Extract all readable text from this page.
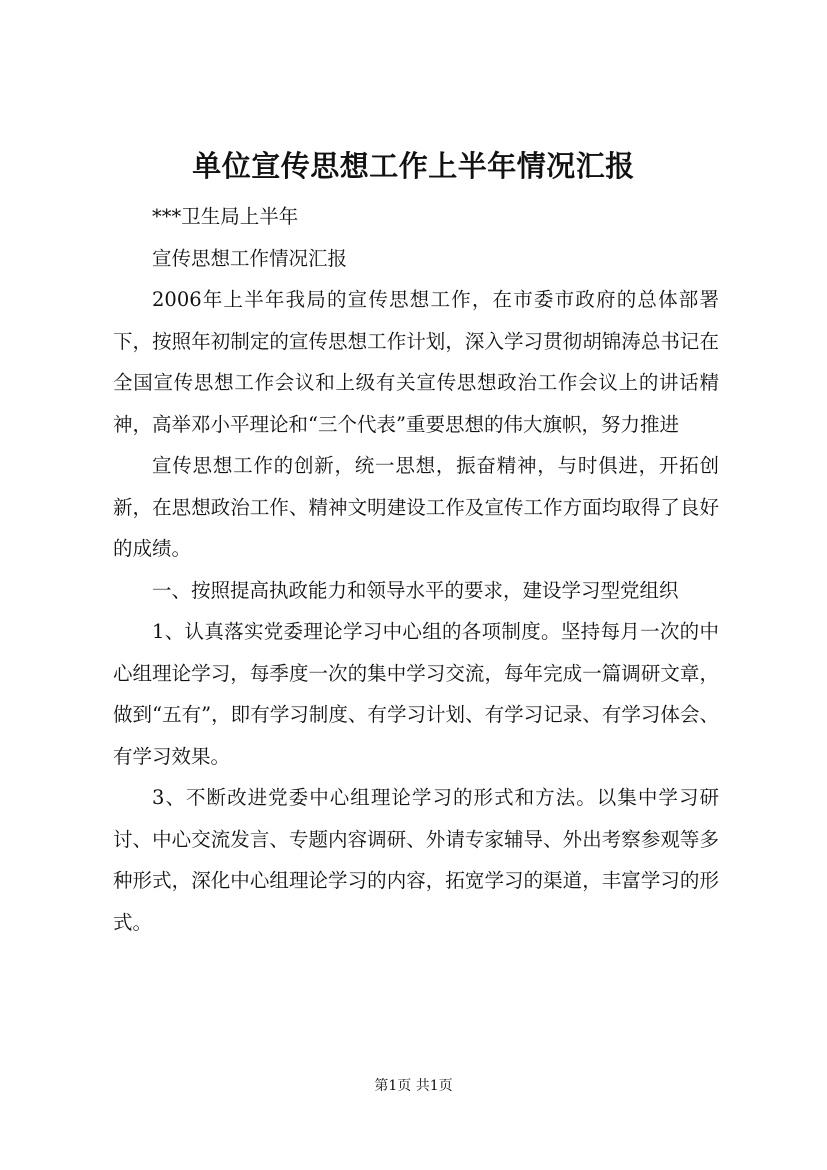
单位宣传思想工作上半年情况汇报

***卫生局上半年

宣传思想工作情况汇报

2006年上半年我局的宣传思想工作，在市委市政府的总体部署下，按照年初制定的宣传思想工作计划，深入学习贯彻胡锦涛总书记在全国宣传思想工作会议和上级有关宣传思想政治工作会议上的讲话精神，高举邓小平理论和“三个代表”重要思想的伟大旗帜，努力推进

宣传思想工作的创新，统一思想，振奋精神，与时俱进，开拓创新，在思想政治工作、精神文明建设工作及宣传工作方面均取得了良好的成绩。

一、按照提高执政能力和领导水平的要求，建设学习型党组织

1、认真落实党委理论学习中心组的各项制度。坚持每月一次的中心组理论学习，每季度一次的集中学习交流，每年完成一篇调研文章，做到“五有”，即有学习制度、有学习计划、有学习记录、有学习体会、有学习效果。

3、不断改进党委中心组理论学习的形式和方法。以集中学习研讨、中心交流发言、专题内容调研、外请专家辅导、外出考察参观等多种形式，深化中心组理论学习的内容，拓宽学习的渠道，丰富学习的形式。

第1页 共1页
